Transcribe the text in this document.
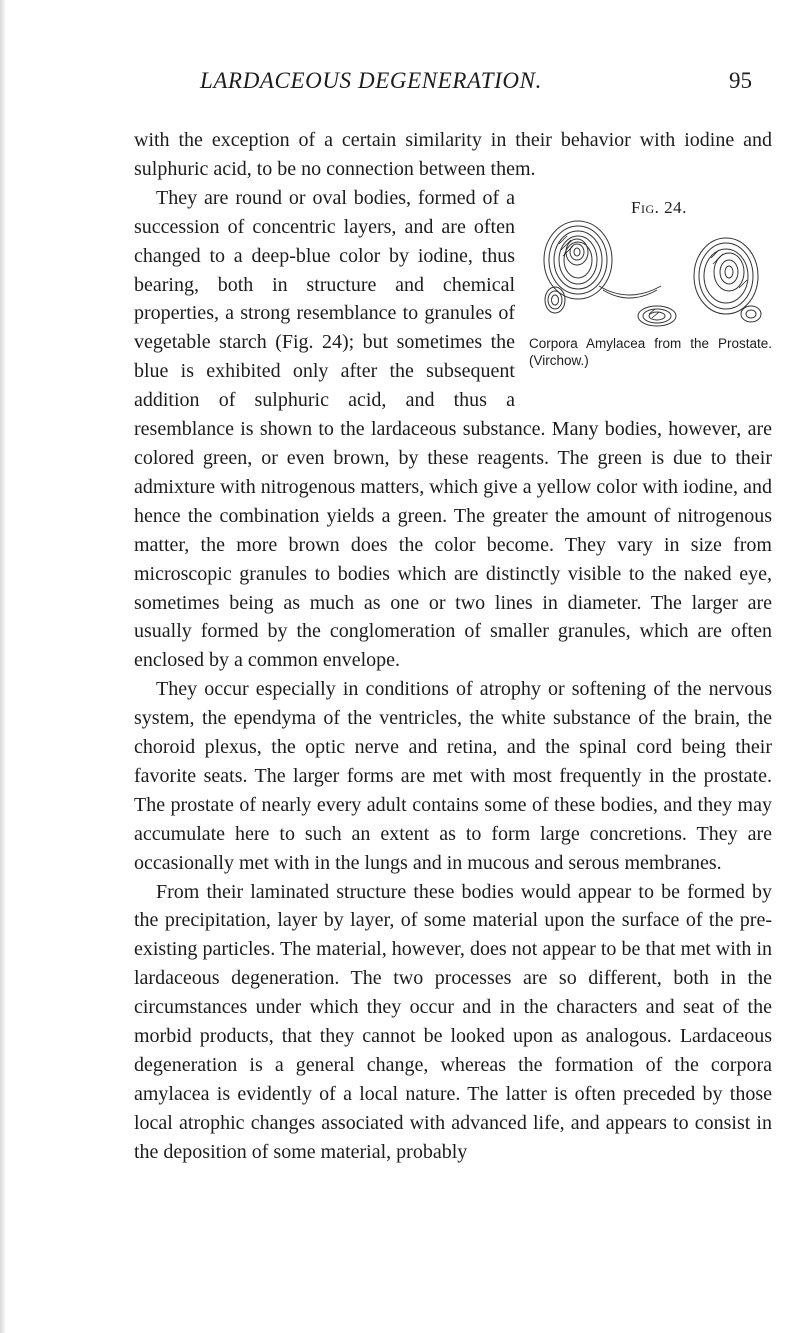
LARDACEOUS DEGENERATION.	95

with the exception of a certain similarity in their behavior with iodine and sulphuric acid, to be no connection between them.

Fig. 24.
Corpora Amylacea from the Prostate. (Virchow.)
They are round or oval bodies, formed of a succession of concentric layers, and are often changed to a deep-blue color by iodine, thus bearing, both in structure and chemical properties, a strong resemblance to granules of vegetable starch (Fig. 24); but sometimes the blue is exhibited only after the subsequent addition of sulphuric acid, and thus a resemblance is shown to the lardaceous substance. Many bodies, however, are colored green, or even brown, by these reagents. The green is due to their admixture with nitrogenous matters, which give a yellow color with iodine, and hence the combination yields a green. The greater the amount of nitrogenous matter, the more brown does the color become. They vary in size from microscopic granules to bodies which are distinctly visible to the naked eye, sometimes being as much as one or two lines in diameter. The larger are usually formed by the conglomeration of smaller granules, which are often enclosed by a common envelope.

They occur especially in conditions of atrophy or softening of the nervous system, the ependyma of the ventricles, the white substance of the brain, the choroid plexus, the optic nerve and retina, and the spinal cord being their favorite seats. The larger forms are met with most frequently in the prostate. The prostate of nearly every adult contains some of these bodies, and they may accumulate here to such an extent as to form large concretions. They are occasionally met with in the lungs and in mucous and serous membranes.

From their laminated structure these bodies would appear to be formed by the precipitation, layer by layer, of some material upon the surface of the pre-existing particles. The material, however, does not appear to be that met with in lardaceous degeneration. The two processes are so different, both in the circumstances under which they occur and in the characters and seat of the morbid products, that they cannot be looked upon as analogous. Lardaceous degeneration is a general change, whereas the formation of the corpora amylacea is evidently of a local nature. The latter is often preceded by those local atrophic changes associated with advanced life, and appears to consist in the deposition of some material, probably
